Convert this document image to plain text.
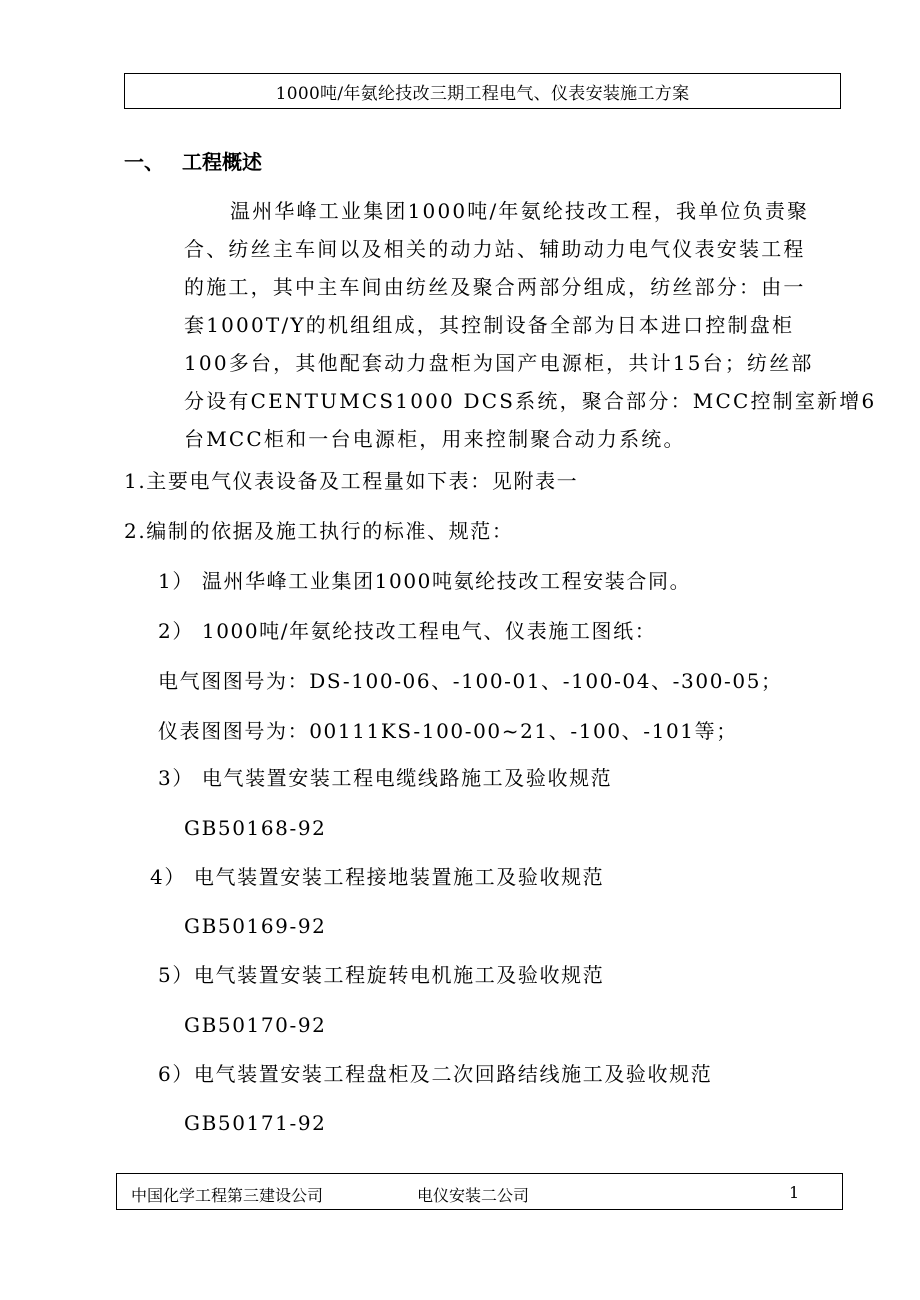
1000吨/年氨纶技改三期工程电气、仪表安装施工方案
一、 工程概述
温州华峰工业集团1000吨/年氨纶技改工程，我单位负责聚
合、纺丝主车间以及相关的动力站、辅助动力电气仪表安装工程
的施工，其中主车间由纺丝及聚合两部分组成，纺丝部分：由一
套1000T/Y的机组组成，其控制设备全部为日本进口控制盘柜
100多台，其他配套动力盘柜为国产电源柜，共计15台；纺丝部
分设有CENTUMCS1000 DCS系统，聚合部分：MCC控制室新增6
台MCC柜和一台电源柜，用来控制聚合动力系统。
1.主要电气仪表设备及工程量如下表：见附表一
2.编制的依据及施工执行的标准、规范：
1） 温州华峰工业集团1000吨氨纶技改工程安装合同。
2） 1000吨/年氨纶技改工程电气、仪表施工图纸：
电气图图号为：DS-100-06、-100-01、-100-04、-300-05；
仪表图图号为：00111KS-100-00~21、-100、-101等；
3） 电气装置安装工程电缆线路施工及验收规范
GB50168-92
4） 电气装置安装工程接地装置施工及验收规范
GB50169-92
5）电气装置安装工程旋转电机施工及验收规范
GB50170-92
6）电气装置安装工程盘柜及二次回路结线施工及验收规范
GB50171-92
中国化学工程第三建设公司	电仪安装二公司	1
